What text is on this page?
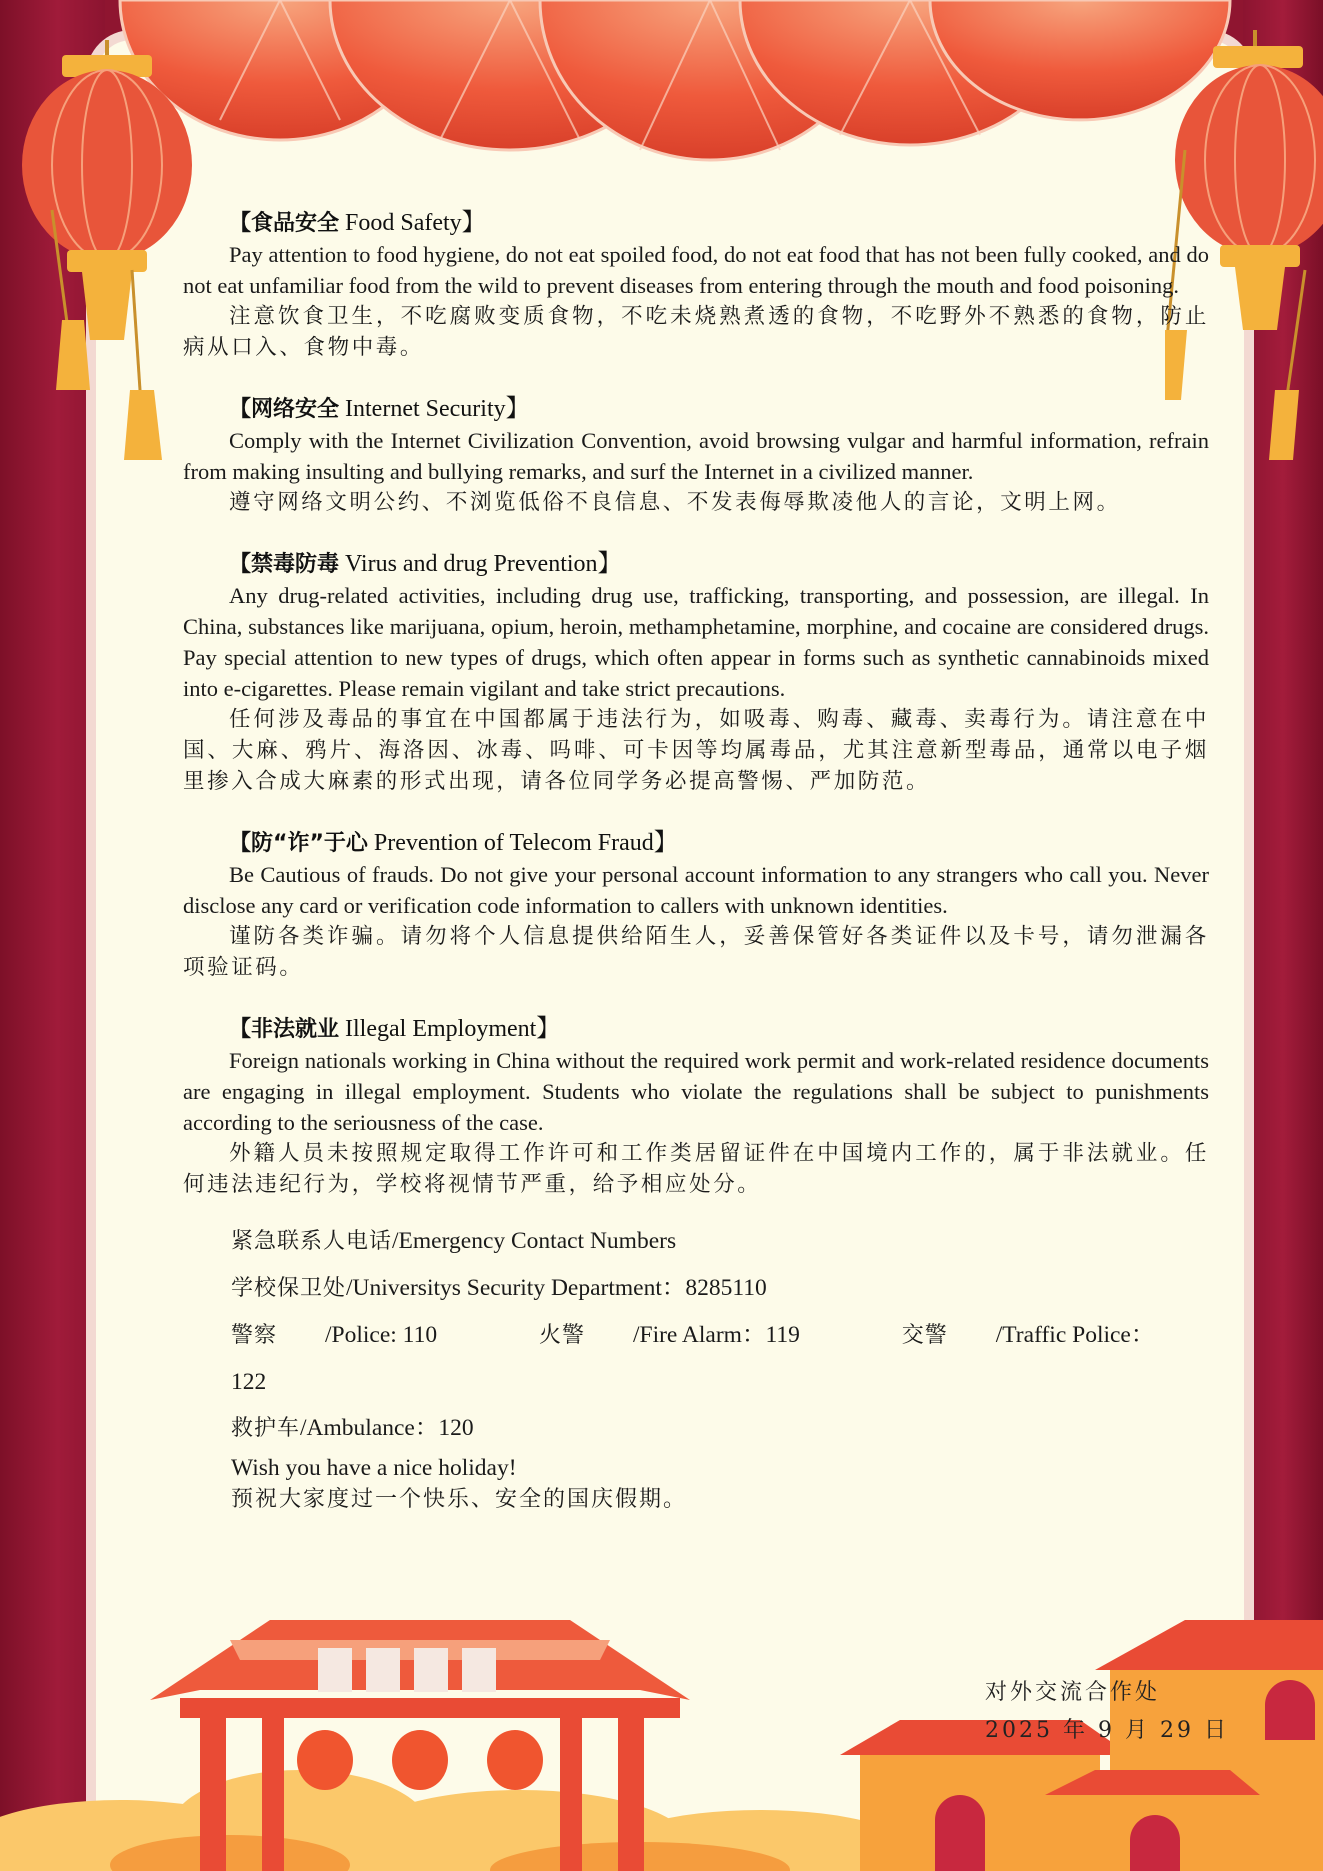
【食品安全 Food Safety】

Pay attention to food hygiene, do not eat spoiled food, do not eat food that has not been fully cooked, and do not eat unfamiliar food from the wild to prevent diseases from entering through the mouth and food poisoning.

注意饮食卫生，不吃腐败变质食物，不吃未烧熟煮透的食物，不吃野外不熟悉的食物，防止病从口入、食物中毒。

【网络安全 Internet Security】

Comply with the Internet Civilization Convention, avoid browsing vulgar and harmful information, refrain from making insulting and bullying remarks, and surf the Internet in a civilized manner.

遵守网络文明公约、不浏览低俗不良信息、不发表侮辱欺凌他人的言论，文明上网。

【禁毒防毒 Virus and drug Prevention】

Any drug-related activities, including drug use, trafficking, transporting, and possession, are illegal. In China, substances like marijuana, opium, heroin, methamphetamine, morphine, and cocaine are considered drugs. Pay special attention to new types of drugs, which often appear in forms such as synthetic cannabinoids mixed into e-cigarettes. Please remain vigilant and take strict precautions.

任何涉及毒品的事宜在中国都属于违法行为，如吸毒、购毒、藏毒、卖毒行为。请注意在中国、大麻、鸦片、海洛因、冰毒、吗啡、可卡因等均属毒品，尤其注意新型毒品，通常以电子烟里掺入合成大麻素的形式出现，请各位同学务必提高警惕、严加防范。

【防“诈”于心 Prevention of Telecom Fraud】

Be Cautious of frauds. Do not give your personal account information to any strangers who call you. Never disclose any card or verification code information to callers with unknown identities.

谨防各类诈骗。请勿将个人信息提供给陌生人，妥善保管好各类证件以及卡号，请勿泄漏各项验证码。

【非法就业 Illegal Employment】

Foreign nationals working in China without the required work permit and work-related residence documents are engaging in illegal employment. Students who violate the regulations shall be subject to punishments according to the seriousness of the case.

外籍人员未按照规定取得工作许可和工作类居留证件在中国境内工作的，属于非法就业。任何违法违纪行为，学校将视情节严重，给予相应处分。

紧急联系人电话/Emergency Contact Numbers
学校保卫处/Universitys Security Department：8285110
警察 /Police: 110	火警 /Fire Alarm：119	交警 /Traffic Police：122
救护车/Ambulance：120
Wish you have a nice holiday!
预祝大家度过一个快乐、安全的国庆假期。
对外交流合作处
2025 年 9 月 29 日
